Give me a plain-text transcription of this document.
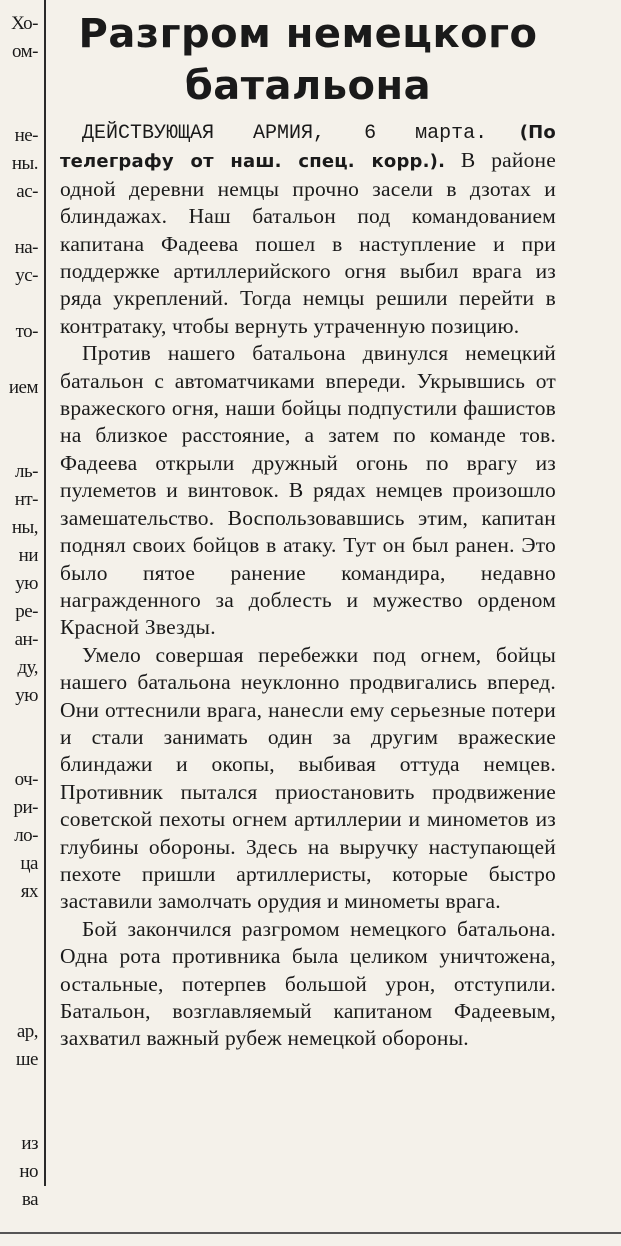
Хо-
ом-
не-
ны.
ас-
на-
ус-
то-
ием
ль-
нт-
ны,
ни
ую
ре-
ан-
ду,
ую
оч-
ри-
ло-
ца
ях
ар,
ше
из
но
ва
Разгром немецкого
батальона

ДЕЙСТВУЮЩАЯ АРМИЯ, 6 марта. (По телеграфу от наш. спец. корр.). В районе одной деревни немцы прочно засели в дзотах и блиндажах. Наш батальон под командованием капитана Фадеева пошел в наступление и при поддержке артиллерийского огня выбил врага из ряда укреплений. Тогда немцы решили перейти в контратаку, чтобы вернуть утраченную позицию.

Против нашего батальона двинулся немецкий батальон с автоматчиками впереди. Укрывшись от вражеского огня, наши бойцы подпустили фашистов на близкое расстояние, а затем по команде тов. Фадеева открыли дружный огонь по врагу из пулеметов и винтовок. В рядах немцев произошло замешательство. Воспользовавшись этим, капитан поднял своих бойцов в атаку. Тут он был ранен. Это было пятое ранение командира, недавно награжденного за доблесть и мужество орденом Красной Звезды.

Умело совершая перебежки под огнем, бойцы нашего батальона неуклонно продвигались вперед. Они оттеснили врага, нанесли ему серьезные потери и стали занимать один за другим вражеские блиндажи и окопы, выбивая оттуда немцев. Противник пытался приостановить продвижение советской пехоты огнем артиллерии и минометов из глубины обороны. Здесь на выручку наступающей пехоте пришли артиллеристы, которые быстро заставили замолчать орудия и минометы врага.

Бой закончился разгромом немецкого батальона. Одна рота противника была целиком уничтожена, остальные, потерпев большой урон, отступили. Батальон, возглавляемый капитаном Фадеевым, захватил важный рубеж немецкой обороны.
